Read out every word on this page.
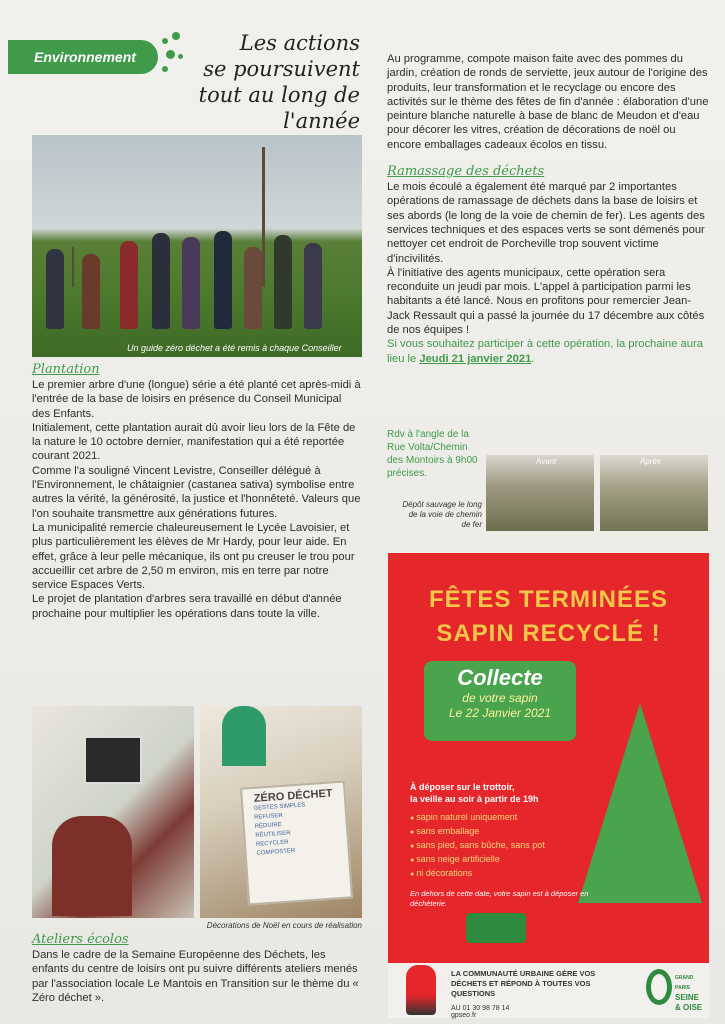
Environnement
Les actions
se poursuivent
tout au long de l'année
Un guide zéro déchet a été remis à chaque Conseiller
Plantation

Le premier arbre d'une (longue) série a été planté cet après-midi à l'entrée de la base de loisirs en présence du Conseil Municipal des Enfants.

Initialement, cette plantation aurait dû avoir lieu lors de la Fête de la nature le 10 octobre dernier, manifestation qui a été reportée courant 2021.

Comme l'a souligné Vincent Levistre, Conseiller délégué à l'Environnement, le châtaignier (castanea sativa) symbolise entre autres la vérité, la générosité, la justice et l'honnêteté. Valeurs que l'on souhaite transmettre aux générations futures.

La municipalité remercie chaleureusement le Lycée Lavoisier, et plus particulièrement les élèves de Mr Hardy, pour leur aide. En effet, grâce à leur pelle mécanique, ils ont pu creuser le trou pour accueillir cet arbre de 2,50 m environ, mis en terre par notre service Espaces Verts.

Le projet de plantation d'arbres sera travaillé en début d'année prochaine pour multiplier les opérations dans toute la ville.

ZÉRO DÉCHET
GESTES SIMPLES
REFUSER
RÉDUIRE
RÉUTILISER
RECYCLER
COMPOSTER
Décorations de Noël en cours de réalisation
Ateliers écolos

Dans le cadre de la Semaine Européenne des Déchets, les enfants du centre de loisirs ont pu suivre différents ateliers menés par l'association locale Le Mantois en Transition sur le thème du « Zéro déchet ».

Au programme, compote maison faite avec des pommes du jardin, création de ronds de serviette, jeux autour de l'origine des produits, leur transformation et le recyclage ou encore des activités sur le thème des fêtes de fin d'année : élaboration d'une peinture blanche naturelle à base de blanc de Meudon et d'eau pour décorer les vitres, création de décorations de noël ou encore emballages cadeaux écolos en tissu.

Ramassage des déchets

Le mois écoulé a également été marqué par 2 importantes opérations de ramassage de déchets dans la base de loisirs et ses abords (le long de la voie de chemin de fer). Les agents des services techniques et des espaces verts se sont démenés pour nettoyer cet endroit de Porcheville trop souvent victime d'incivilités.

À l'initiative des agents municipaux, cette opération sera reconduite un jeudi par mois. L'appel à participation parmi les habitants a été lancé. Nous en profitons pour remercier Jean-Jack Ressault qui a passé la journée du 17 décembre aux côtés de nos équipes !

Si vous souhaitez participer à cette opération, la prochaine aura lieu le Jeudi 21 janvier 2021.

Rdv à l'angle de la Rue Volta/Chemin des Montoirs à 9h00 précises.
Avant	Après
Dépôt sauvage le long de la voie de chemin de fer
FÊTES TERMINÉES
SAPIN RECYCLÉ !
Collecte
de votre sapin
Le 22 Janvier 2021
À déposer sur le trottoir,
la veille au soir à partir de 19h
● sapin naturel uniquement
● sans emballage
● sans pied, sans bûche, sans pot
● sans neige artificielle
● ni décorations
En dehors de cette date, votre sapin est à déposer en déchèterie.
LA COMMUNAUTÉ URBAINE GÈRE VOS DÉCHETS ET RÉPOND À TOUTES VOS QUESTIONS
AU 01 30 98 78 14
gpseo.fr
GRAND PARIS
SEINE
& OISE
